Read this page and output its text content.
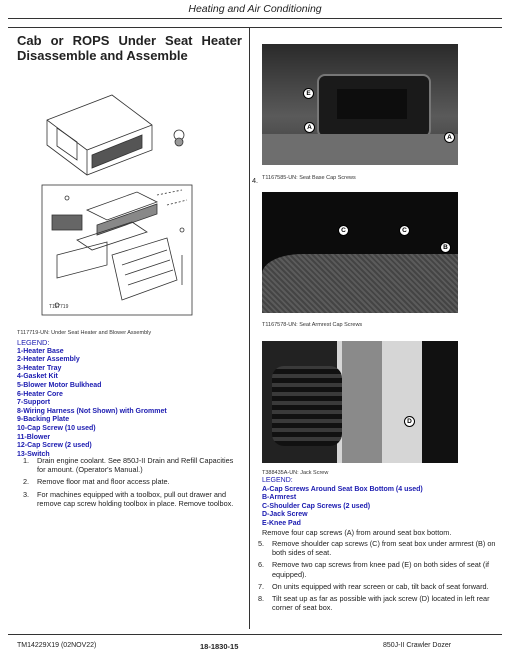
Heating and Air Conditioning
Cab or ROPS Under Seat Heater
Disassemble and Assemble
T117719
T117719-UN: Under Seat Heater and Blower Assembly
LEGEND:
1-Heater Base
2-Heater Assembly
3-Heater Tray
4-Gasket Kit
5-Blower Motor Bulkhead
6-Heater Core
7-Support
8-Wiring Harness (Not Shown) with Grommet
9-Backing Plate
10-Cap Screw (10 used)
11-Blower
12-Cap Screw (2 used)
13-Switch
1. Drain engine coolant. See 850J-II Drain and Refill Capacities for amount. (Operator's Manual.)
2. Remove floor mat and floor access plate.
3. For machines equipped with a toolbox, pull out drawer and remove cap screw holding toolbox in place. Remove toolbox.
4.
E
A
A
T1167585-UN: Seat Base Cap Screws
C	C
B
T1167578-UN: Seat Armrest Cap Screws
D
T388435A-UN: Jack Screw
LEGEND:
A-Cap Screws Around Seat Box Bottom (4 used)
B-Armrest
C-Shoulder Cap Screws (2 used)
D-Jack Screw
E-Knee Pad
Remove four cap screws (A) from around seat box bottom.
5. Remove shoulder cap screws (C) from seat box under armrest (B) on both sides of seat.
6. Remove two cap screws from knee pad (E) on both sides of seat (if equipped).
7. On units equipped with rear screen or cab, tilt back of seat forward.
8. Tilt seat up as far as possible with jack screw (D) located in left rear corner of seat box.
TM14229X19 (02NOV22)	18-1830-15	850J-II Crawler Dozer
